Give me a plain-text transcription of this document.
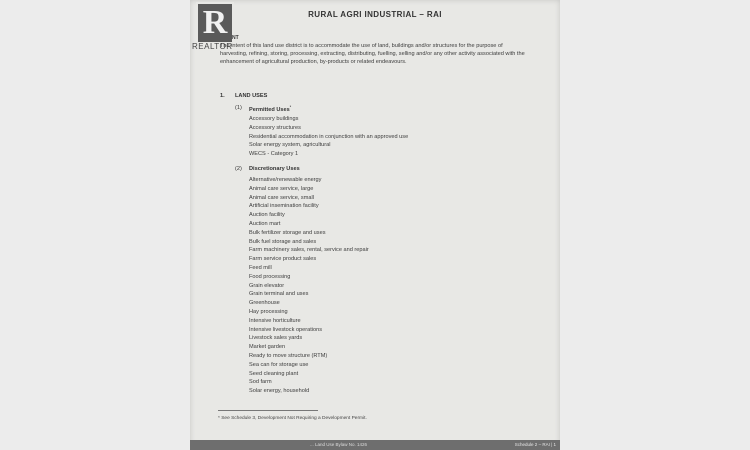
R
REALTOR
RURAL AGRI INDUSTRIAL – RAI
NT
The intent of this land use district is to accommodate the use of land, buildings and/or structures for the purpose of harvesting, refining, storing, processing, extracting, distributing, fuelling, selling and/or any other activity associated with the enhancement of agricultural production, by-products or related endeavours.
1. LAND USES
(1) Permitted Uses*
Accessory buildings
Accessory structures
Residential accommodation in conjunction with an approved use
Solar energy system, agricultural
WECS - Category 1
(2) Discretionary Uses
Alternative/renewable energy
Animal care service, large
Animal care service, small
Artificial insemination facility
Auction facility
Auction mart
Bulk fertilizer storage and uses
Bulk fuel storage and sales
Farm machinery sales, rental, service and repair
Farm service product sales
Feed mill
Food processing
Grain elevator
Grain terminal and uses
Greenhouse
Hay processing
Intensive horticulture
Intensive livestock operations
Livestock sales yards
Market garden
Ready to move structure (RTM)
Sea can for storage use
Seed cleaning plant
Sod farm
Solar energy, household
* See Schedule 3, Development Not Requiring a Development Permit.
... Land Use Bylaw No. 1426	Schedule 2 – RAI | 1
